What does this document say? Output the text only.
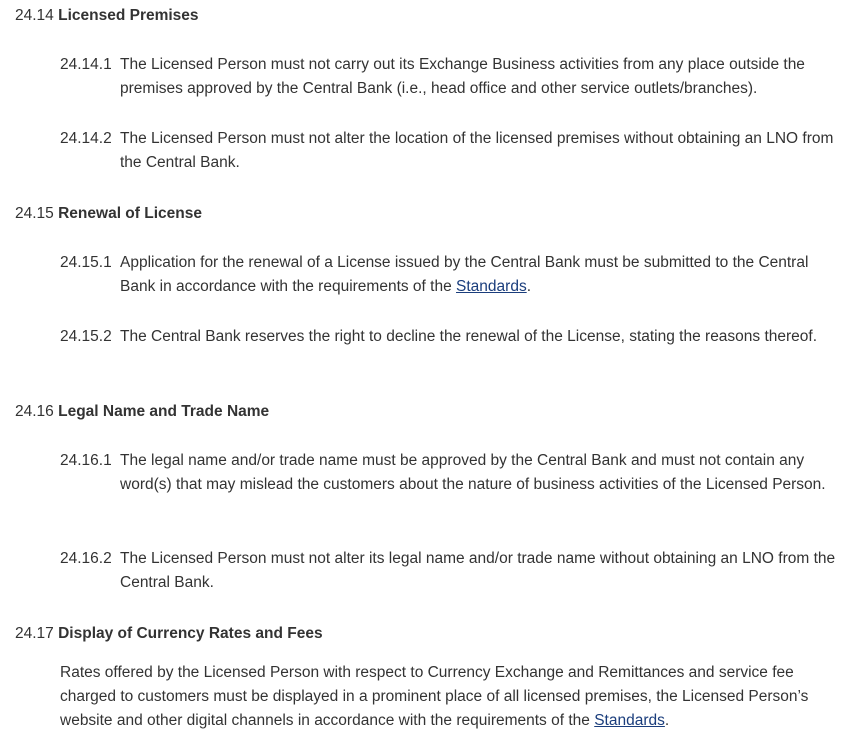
24.14 Licensed Premises
24.14.1 The Licensed Person must not carry out its Exchange Business activities from any place outside the premises approved by the Central Bank (i.e., head office and other service outlets/branches).
24.14.2 The Licensed Person must not alter the location of the licensed premises without obtaining an LNO from the Central Bank.
24.15 Renewal of License
24.15.1 Application for the renewal of a License issued by the Central Bank must be submitted to the Central Bank in accordance with the requirements of the Standards.
24.15.2 The Central Bank reserves the right to decline the renewal of the License, stating the reasons thereof.
24.16 Legal Name and Trade Name
24.16.1 The legal name and/or trade name must be approved by the Central Bank and must not contain any word(s) that may mislead the customers about the nature of business activities of the Licensed Person.
24.16.2 The Licensed Person must not alter its legal name and/or trade name without obtaining an LNO from the Central Bank.
24.17 Display of Currency Rates and Fees
Rates offered by the Licensed Person with respect to Currency Exchange and Remittances and service fee charged to customers must be displayed in a prominent place of all licensed premises, the Licensed Person’s website and other digital channels in accordance with the requirements of the Standards.
